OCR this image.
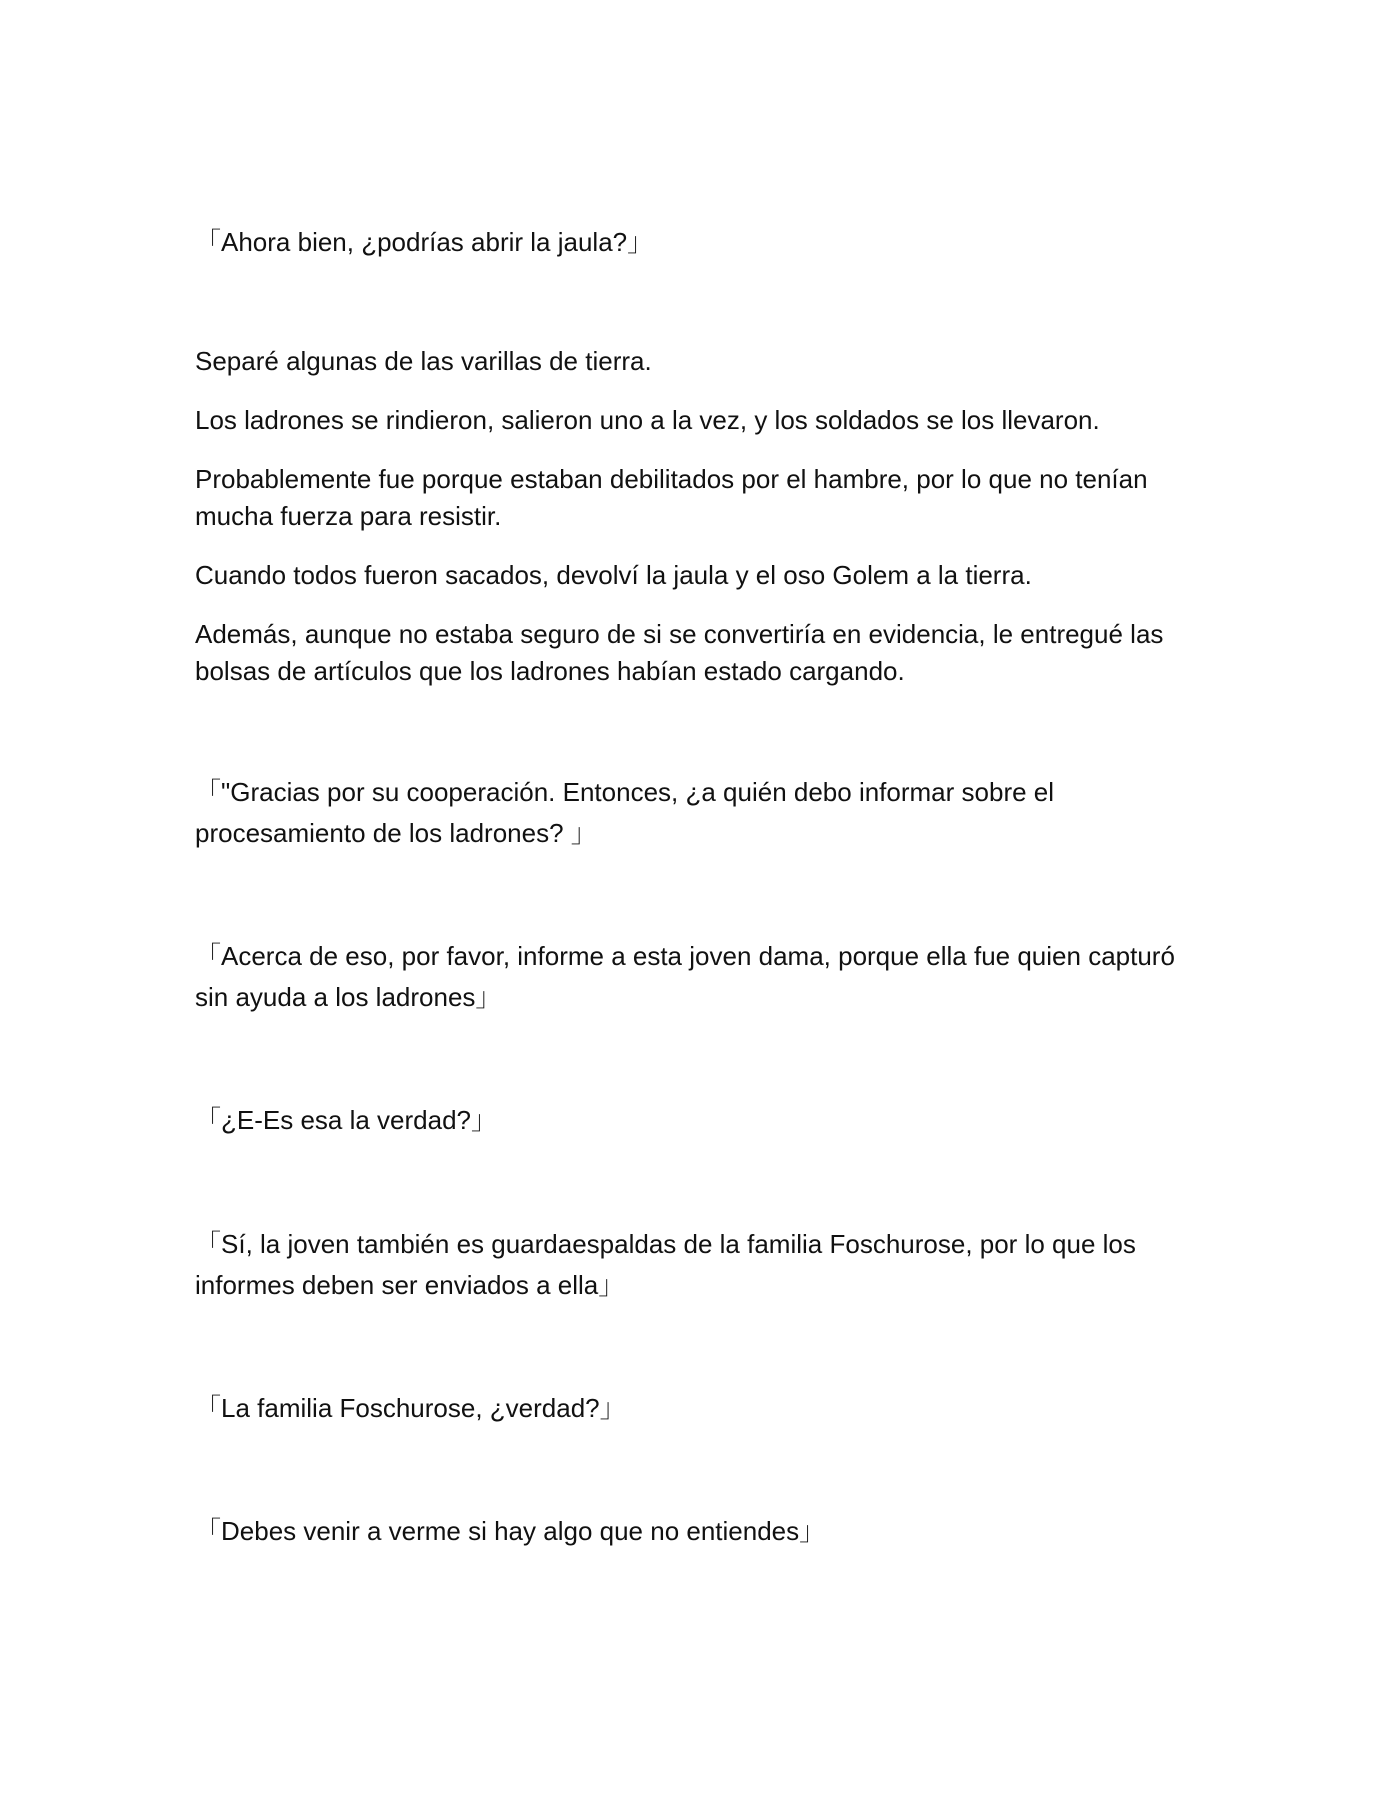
「Ahora bien, ¿podrías abrir la jaula?」

Separé algunas de las varillas de tierra.

Los ladrones se rindieron, salieron uno a la vez, y los soldados se los llevaron.

Probablemente fue porque estaban debilitados por el hambre, por lo que no tenían mucha fuerza para resistir.

Cuando todos fueron sacados, devolví la jaula y el oso Golem a la tierra.

Además, aunque no estaba seguro de si se convertiría en evidencia, le entregué las bolsas de artículos que los ladrones habían estado cargando.

「"Gracias por su cooperación. Entonces, ¿a quién debo informar sobre el procesamiento de los ladrones? 」

「Acerca de eso, por favor, informe a esta joven dama, porque ella fue quien capturó sin ayuda a los ladrones」

「¿E-Es esa la verdad?」

「Sí, la joven también es guardaespaldas de la familia Foschurose, por lo que los informes deben ser enviados a ella」

「La familia Foschurose, ¿verdad?」

「Debes venir a verme si hay algo que no entiendes」
